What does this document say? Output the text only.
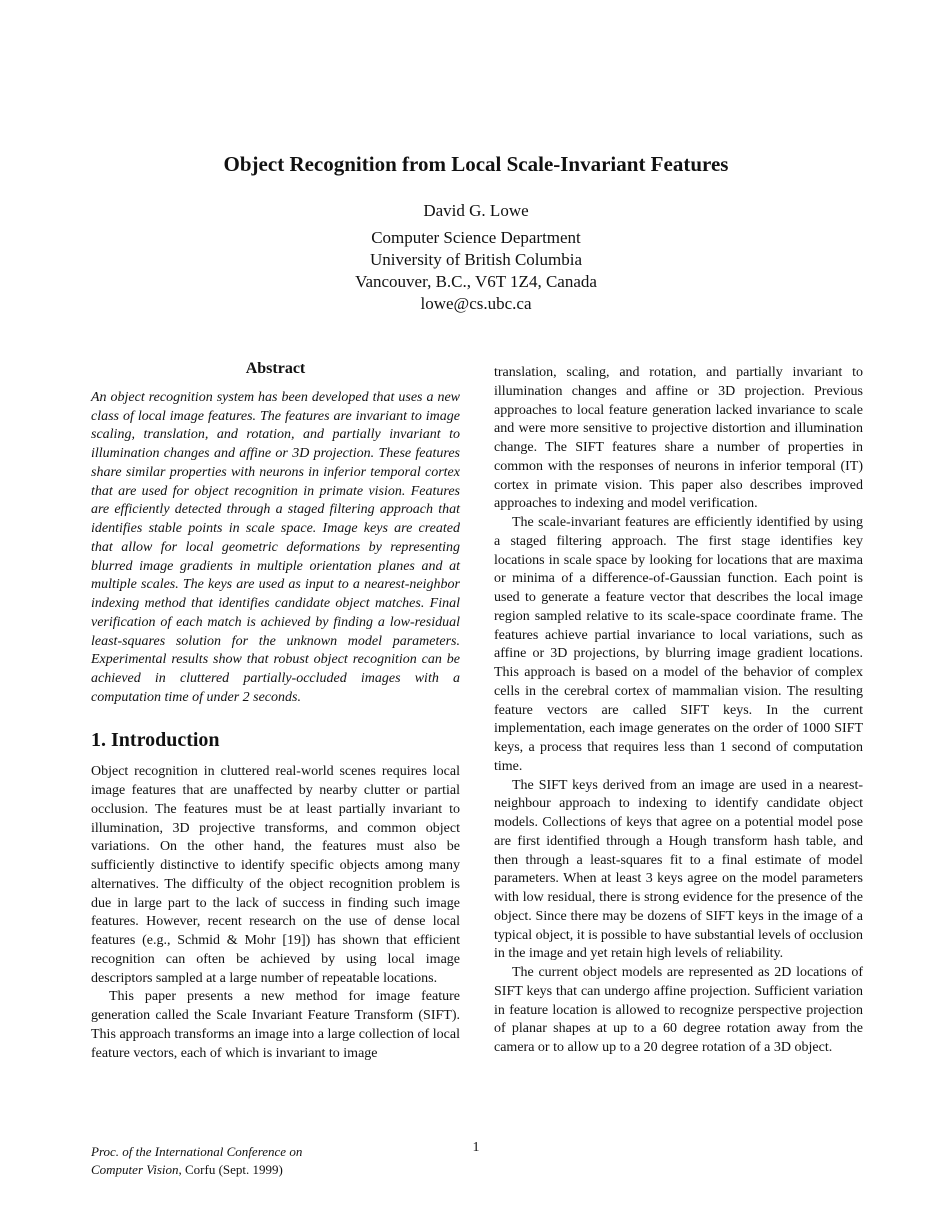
Object Recognition from Local Scale-Invariant Features
David G. Lowe
Computer Science Department
University of British Columbia
Vancouver, B.C., V6T 1Z4, Canada
lowe@cs.ubc.ca
Abstract

An object recognition system has been developed that uses a new class of local image features. The features are invariant to image scaling, translation, and rotation, and partially invariant to illumination changes and affine or 3D projection. These features share similar properties with neurons in inferior temporal cortex that are used for object recognition in primate vision. Features are efficiently detected through a staged filtering approach that identifies stable points in scale space. Image keys are created that allow for local geometric deformations by representing blurred image gradients in multiple orientation planes and at multiple scales. The keys are used as input to a nearest-neighbor indexing method that identifies candidate object matches. Final verification of each match is achieved by finding a low-residual least-squares solution for the unknown model parameters. Experimental results show that robust object recognition can be achieved in cluttered partially-occluded images with a computation time of under 2 seconds.

1. Introduction

Object recognition in cluttered real-world scenes requires local image features that are unaffected by nearby clutter or partial occlusion. The features must be at least partially invariant to illumination, 3D projective transforms, and common object variations. On the other hand, the features must also be sufficiently distinctive to identify specific objects among many alternatives. The difficulty of the object recognition problem is due in large part to the lack of success in finding such image features. However, recent research on the use of dense local features (e.g., Schmid & Mohr [19]) has shown that efficient recognition can often be achieved by using local image descriptors sampled at a large number of repeatable locations.

This paper presents a new method for image feature generation called the Scale Invariant Feature Transform (SIFT). This approach transforms an image into a large collection of local feature vectors, each of which is invariant to image

translation, scaling, and rotation, and partially invariant to illumination changes and affine or 3D projection. Previous approaches to local feature generation lacked invariance to scale and were more sensitive to projective distortion and illumination change. The SIFT features share a number of properties in common with the responses of neurons in inferior temporal (IT) cortex in primate vision. This paper also describes improved approaches to indexing and model verification.

The scale-invariant features are efficiently identified by using a staged filtering approach. The first stage identifies key locations in scale space by looking for locations that are maxima or minima of a difference-of-Gaussian function. Each point is used to generate a feature vector that describes the local image region sampled relative to its scale-space coordinate frame. The features achieve partial invariance to local variations, such as affine or 3D projections, by blurring image gradient locations. This approach is based on a model of the behavior of complex cells in the cerebral cortex of mammalian vision. The resulting feature vectors are called SIFT keys. In the current implementation, each image generates on the order of 1000 SIFT keys, a process that requires less than 1 second of computation time.

The SIFT keys derived from an image are used in a nearest-neighbour approach to indexing to identify candidate object models. Collections of keys that agree on a potential model pose are first identified through a Hough transform hash table, and then through a least-squares fit to a final estimate of model parameters. When at least 3 keys agree on the model parameters with low residual, there is strong evidence for the presence of the object. Since there may be dozens of SIFT keys in the image of a typical object, it is possible to have substantial levels of occlusion in the image and yet retain high levels of reliability.

The current object models are represented as 2D locations of SIFT keys that can undergo affine projection. Sufficient variation in feature location is allowed to recognize perspective projection of planar shapes at up to a 60 degree rotation away from the camera or to allow up to a 20 degree rotation of a 3D object.

Proc. of the International Conference on
Computer Vision, Corfu (Sept. 1999)
1
